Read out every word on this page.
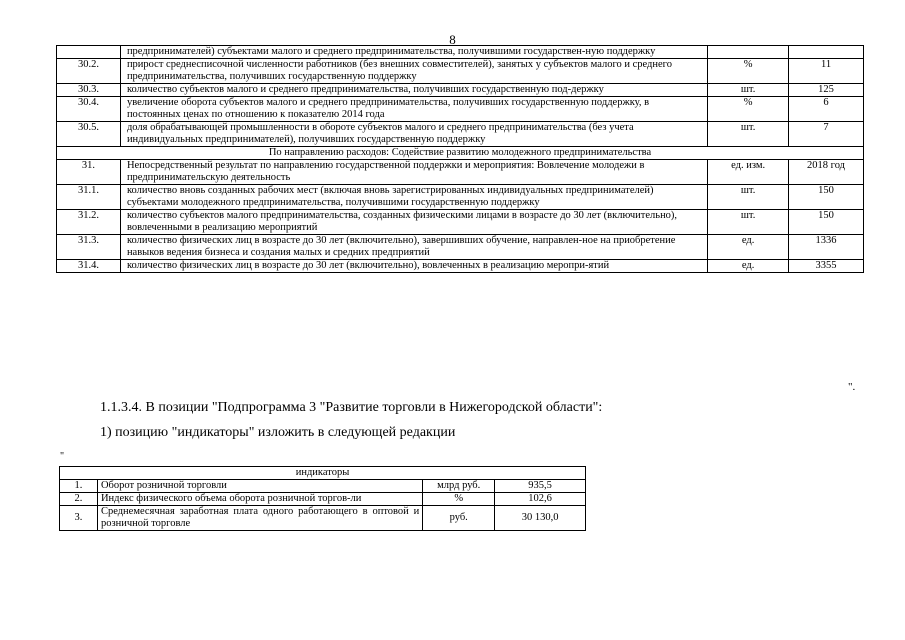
8
	предпринимателей) субъектами малого и среднего предпринимательства, получившими государствен-ную поддержку		
30.2.	прирост среднесписочной численности работников (без внешних совместителей), занятых у субъектов малого и среднего предпринимательства, получивших государственную поддержку	%	11
30.3.	количество субъектов малого и среднего предпринимательства, получивших государственную под-держку	шт.	125
30.4.	увеличение оборота субъектов малого и среднего предпринимательства, получивших государственную поддержку, в постоянных ценах по отношению к показателю 2014 года	%	6
30.5.	доля обрабатывающей промышленности в обороте субъектов малого и среднего предпринимательства (без учета индивидуальных предпринимателей), получивших государственную поддержку	шт.	7
По направлению расходов: Содействие развитию молодежного предпринимательства			
31.	Непосредственный результат по направлению государственной поддержки и мероприятия: Вовлечение молодежи в предпринимательскую деятельность	ед. изм.	2018 год
31.1.	количество вновь созданных рабочих мест (включая вновь зарегистрированных индивидуальных предпринимателей) субъектами молодежного предпринимательства, получившими государственную поддержку	шт.	150
31.2.	количество субъектов малого предпринимательства, созданных физическими лицами в возрасте до 30 лет (включительно), вовлеченными в реализацию мероприятий	шт.	150
31.3.	количество физических лиц в возрасте до 30 лет (включительно), завершивших обучение, направлен-ное на приобретение навыков ведения бизнеса и создания малых и средних предприятий	ед.	1336
31.4.	количество физических лиц в возрасте до 30 лет (включительно), вовлеченных в реализацию меропри-ятий	ед.	3355
".
1.1.3.4. В позиции "Подпрограмма 3 "Развитие торговли в Нижегородской области":
1) позицию "индикаторы" изложить в следующей редакции
"
индикаторы			
1.	Оборот розничной торговли	млрд руб.	935,5
2.	Индекс физического объема оборота розничной торгов-ли	%	102,6
3.	Среднемесячная заработная плата одного работающего в оптовой и розничной торговле	руб.	30 130,0
